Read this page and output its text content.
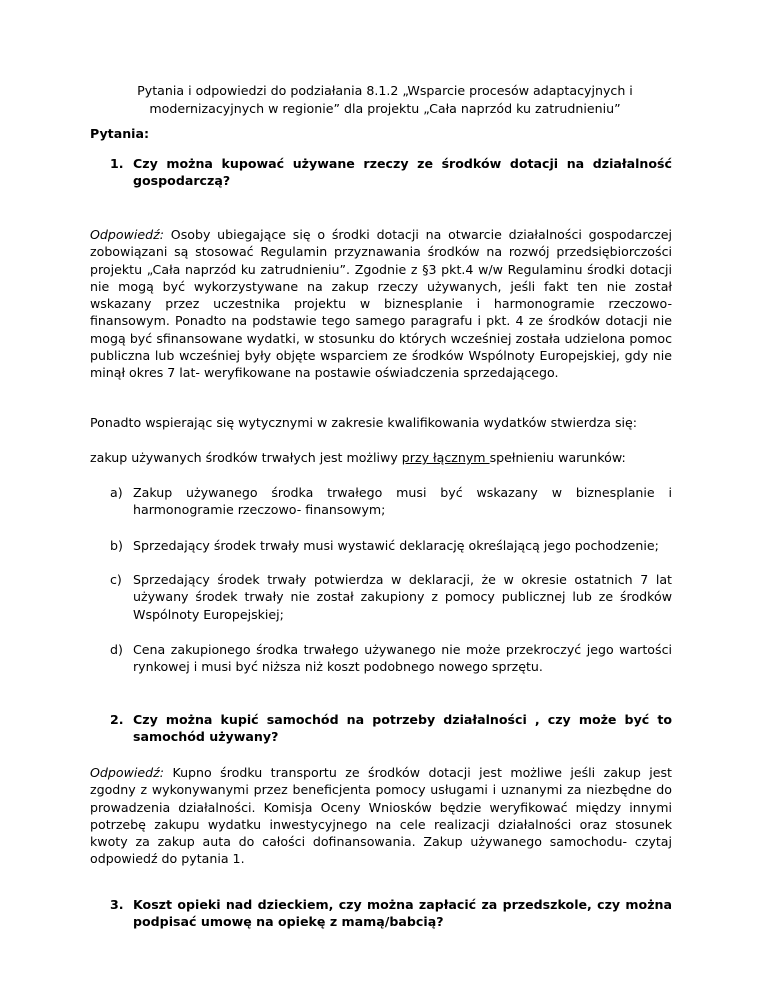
Pytania i odpowiedzi do podziałania 8.1.2 „Wsparcie procesów adaptacyjnych i
modernizacyjnych w regionie” dla projektu „Cała naprzód ku zatrudnieniu”
Pytania:
1. Czy można kupować używane rzeczy ze środków dotacji na działalność gospodarczą?
Odpowiedź: Osoby ubiegające się o środki dotacji na otwarcie działalności gospodarczej zobowiązani są stosować Regulamin przyznawania środków na rozwój przedsiębiorczości projektu „Cała naprzód ku zatrudnieniu”. Zgodnie z §3 pkt.4 w/w Regulaminu środki dotacji nie mogą być wykorzystywane na zakup rzeczy używanych, jeśli fakt ten nie został wskazany przez uczestnika projektu w biznesplanie i harmonogramie rzeczowo-finansowym. Ponadto na podstawie tego samego paragrafu i pkt. 4 ze środków dotacji nie mogą być sfinansowane wydatki, w stosunku do których wcześniej została udzielona pomoc publiczna lub wcześniej były objęte wsparciem ze środków Wspólnoty Europejskiej, gdy nie minął okres 7 lat- weryfikowane na postawie oświadczenia sprzedającego.
Ponadto wspierając się wytycznymi w zakresie kwalifikowania wydatków stwierdza się:
zakup używanych środków trwałych jest możliwy przy łącznym spełnieniu warunków:
a) Zakup używanego środka trwałego musi być wskazany w biznesplanie i harmonogramie rzeczowo- finansowym;
b) Sprzedający środek trwały musi wystawić deklarację określającą jego pochodzenie;
c) Sprzedający środek trwały potwierdza w deklaracji, że w okresie ostatnich 7 lat używany środek trwały nie został zakupiony z pomocy publicznej lub ze środków Wspólnoty Europejskiej;
d) Cena zakupionego środka trwałego używanego nie może przekroczyć jego wartości rynkowej i musi być niższa niż koszt podobnego nowego sprzętu.
2. Czy można kupić samochód na potrzeby działalności , czy może być to samochód używany?
Odpowiedź: Kupno środku transportu ze środków dotacji jest możliwe jeśli zakup jest zgodny z wykonywanymi przez beneficjenta pomocy usługami i uznanymi za niezbędne do prowadzenia działalności. Komisja Oceny Wniosków będzie weryfikować między innymi potrzebę zakupu wydatku inwestycyjnego na cele realizacji działalności oraz stosunek kwoty za zakup auta do całości dofinansowania. Zakup używanego samochodu- czytaj odpowiedź do pytania 1.
3. Koszt opieki nad dzieckiem, czy można zapłacić za przedszkole, czy można podpisać umowę na opiekę z mamą/babcią?
